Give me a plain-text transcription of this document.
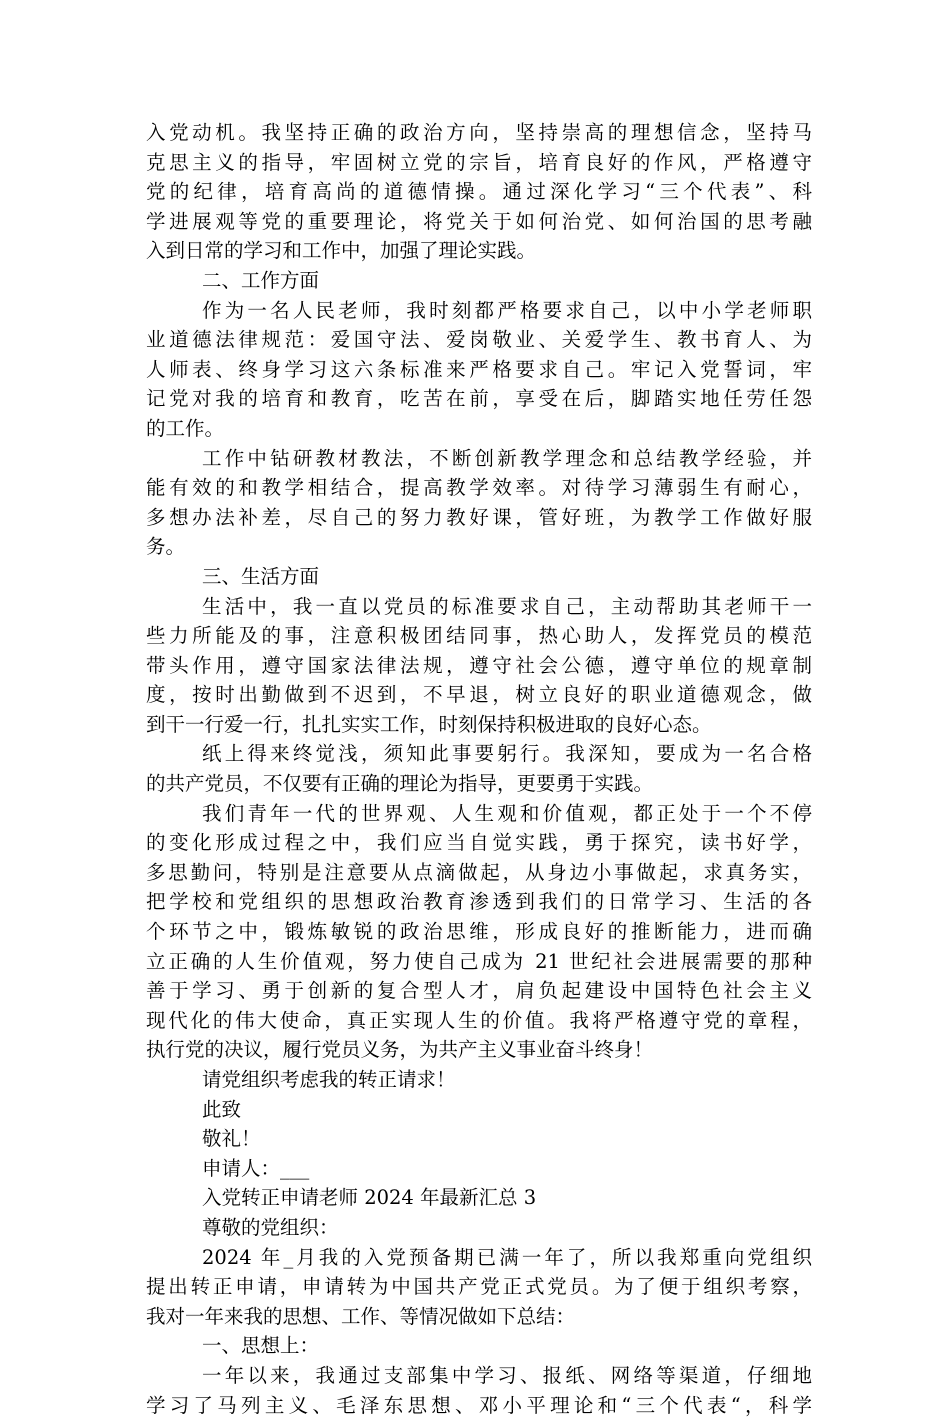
入党动机。我坚持正确的政治方向，坚持崇高的理想信念，坚持马
克思主义的指导，牢固树立党的宗旨，培育良好的作风，严格遵守
党的纪律，培育高尚的道德情操。通过深化学习“三个代表”、科
学进展观等党的重要理论，将党关于如何治党、如何治国的思考融
入到日常的学习和工作中，加强了理论实践。
二、工作方面
作为一名人民老师，我时刻都严格要求自己，以中小学老师职
业道德法律规范：爱国守法、爱岗敬业、关爱学生、教书育人、为
人师表、终身学习这六条标准来严格要求自己。牢记入党誓词，牢
记党对我的培育和教育，吃苦在前，享受在后，脚踏实地任劳任怨
的工作。
工作中钻研教材教法，不断创新教学理念和总结教学经验，并
能有效的和教学相结合，提高教学效率。对待学习薄弱生有耐心，
多想办法补差，尽自己的努力教好课，管好班，为教学工作做好服
务。
三、生活方面
生活中，我一直以党员的标准要求自己，主动帮助其老师干一
些力所能及的事，注意积极团结同事，热心助人，发挥党员的模范
带头作用，遵守国家法律法规，遵守社会公德，遵守单位的规章制
度，按时出勤做到不迟到，不早退，树立良好的职业道德观念，做
到干一行爱一行，扎扎实实工作，时刻保持积极进取的良好心态。
纸上得来终觉浅，须知此事要躬行。我深知，要成为一名合格
的共产党员，不仅要有正确的理论为指导，更要勇于实践。
我们青年一代的世界观、人生观和价值观，都正处于一个不停
的变化形成过程之中，我们应当自觉实践，勇于探究，读书好学，
多思勤问，特别是注意要从点滴做起，从身边小事做起，求真务实，
把学校和党组织的思想政治教育渗透到我们的日常学习、生活的各
个环节之中，锻炼敏锐的政治思维，形成良好的推断能力，进而确
立正确的人生价值观，努力使自己成为 21 世纪社会进展需要的那种
善于学习、勇于创新的复合型人才，肩负起建设中国特色社会主义
现代化的伟大使命，真正实现人生的价值。我将严格遵守党的章程，
执行党的决议，履行党员义务，为共产主义事业奋斗终身！
请党组织考虑我的转正请求！
此致
敬礼！
申请人：___
入党转正申请老师 2024 年最新汇总 3
尊敬的党组织：
2024 年_月我的入党预备期已满一年了，所以我郑重向党组织
提出转正申请，申请转为中国共产党正式党员。为了便于组织考察，
我对一年来我的思想、工作、等情况做如下总结：
一、思想上：
一年以来，我通过支部集中学习、报纸、网络等渠道，仔细地
学习了马列主义、毛泽东思想、邓小平理论和“三个代表“，科学
